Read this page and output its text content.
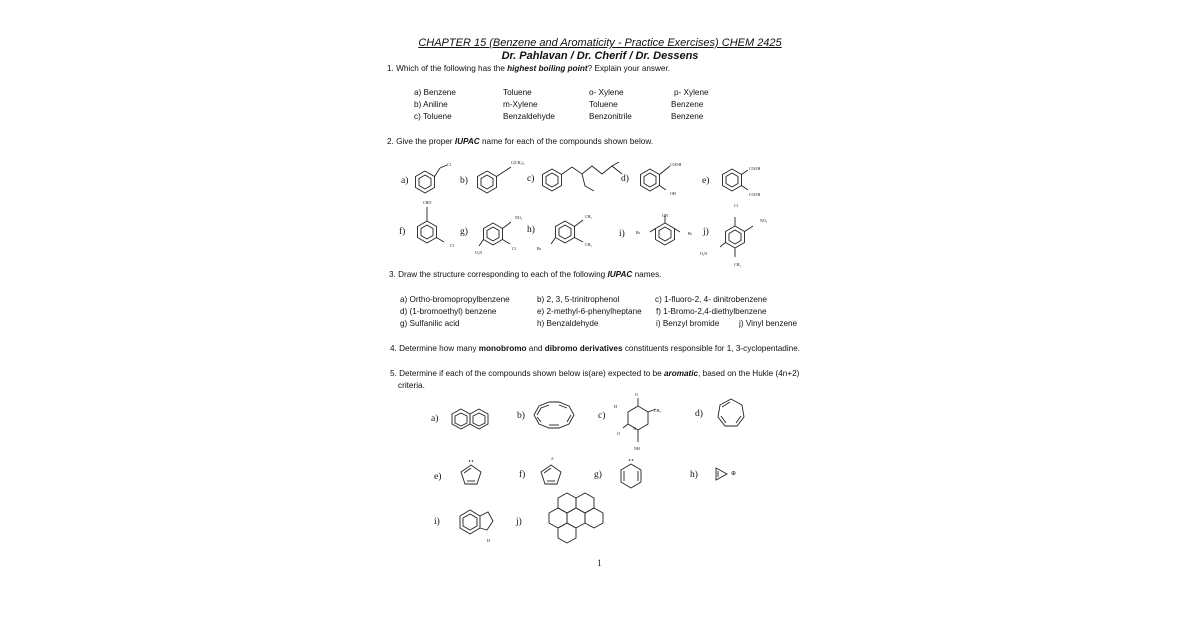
CHAPTER 15 (Benzene and Aromaticity - Practice Exercises) CHEM 2425
Dr. Pahlavan / Dr. Cherif / Dr. Dessens
1. Which of the following has the highest boiling point? Explain your answer.
a) Benzene	Toluene	o- Xylene	p- Xylene
b) Aniline	m-Xylene	Toluene	Benzene
c) Toluene	Benzaldehyde	Benzonitrile	Benzene
2. Give the proper IUPAC name for each of the compounds shown below.
a)	b)	c)	d)	e)
f)	g)	h)	i)	j)
Cl	C(CH₃)₃	COOH
OH
COOH
COOH
CHO
Cl
NO₂
O₂N
Cl
CH₃
CH₃
Br
OH
Br	Br
Cl
NO₂
O₂N
CH₃
3. Draw the structure corresponding to each of the following IUPAC names.
a) Ortho-bromopropylbenzene	b) 2, 3, 5-trinitrophenol	c) 1-fluoro-2, 4- dinitrobenzene
d) (1-bromoethyl) benzene	e) 2-methyl-6-phenylheptane f) 1-Bromo-2,4-diethylbenzene
g) Sulfanilic acid	h) Benzaldehyde	i) Benzyl bromide j) Vinyl benzene
4. Determine how many monobromo and dibromo derivatives constituents responsible for 1, 3-cyclopentadine.
5. Determine if each of the compounds shown below is(are) expected to be aromatic, based on the Hukle (4n+2)
criteria.
a)	b)	c)	d)
e)	f)	g)	h)
i)	j)
O
H
CH₃
O
N
NH
2-
H
⊕
1
